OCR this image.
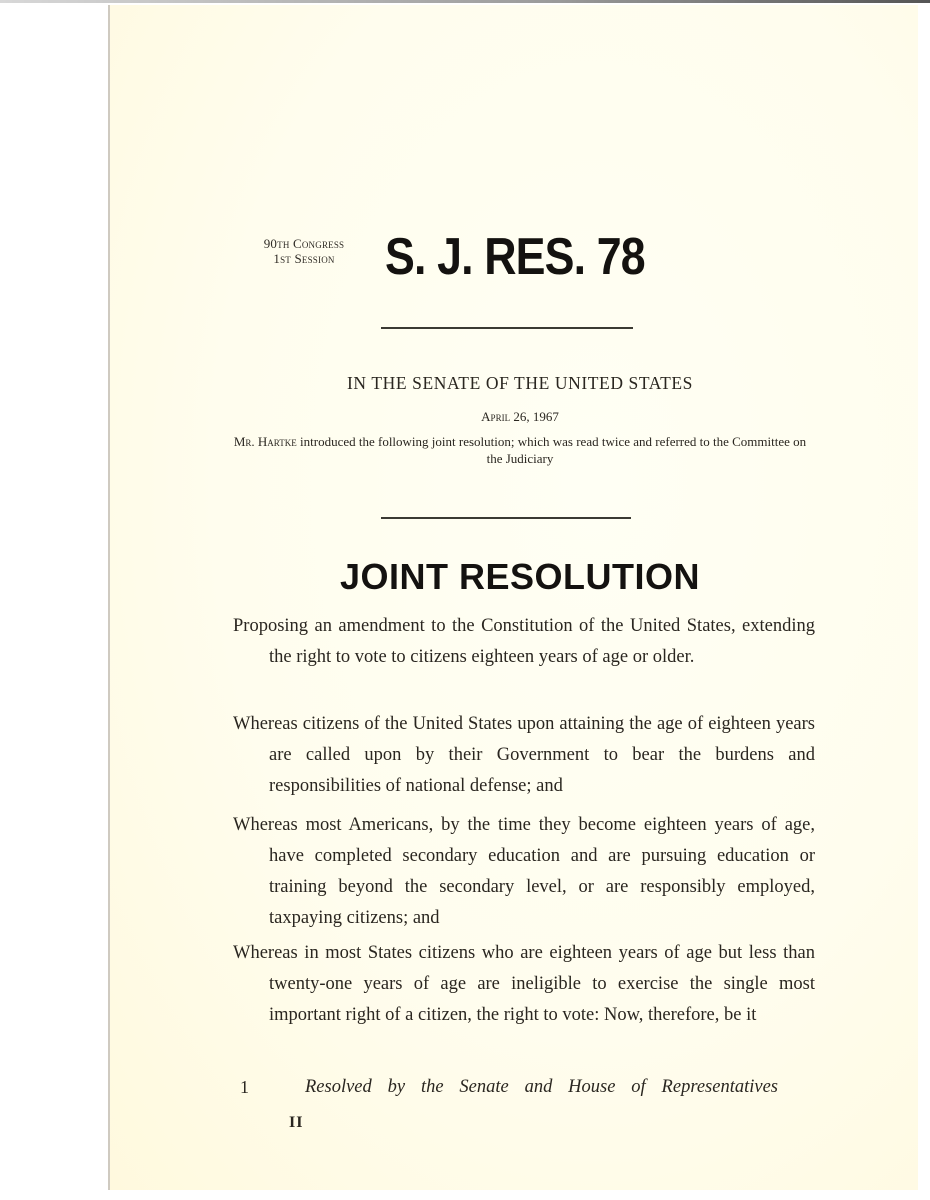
90th Congress
1st Session S. J. RES. 78
IN THE SENATE OF THE UNITED STATES
April 26, 1967
Mr. Hartke introduced the following joint resolution; which was read twice and referred to the Committee on the Judiciary
JOINT RESOLUTION
Proposing an amendment to the Constitution of the United States, extending the right to vote to citizens eighteen years of age or older.
Whereas citizens of the United States upon attaining the age of eighteen years are called upon by their Government to bear the burdens and responsibilities of national defense; and
Whereas most Americans, by the time they become eighteen years of age, have completed secondary education and are pursuing education or training beyond the secondary level, or are responsibly employed, taxpaying citizens; and
Whereas in most States citizens who are eighteen years of age but less than twenty-one years of age are ineligible to exercise the single most important right of a citizen, the right to vote: Now, therefore, be it
1	Resolved by the Senate and House of Representatives
II
